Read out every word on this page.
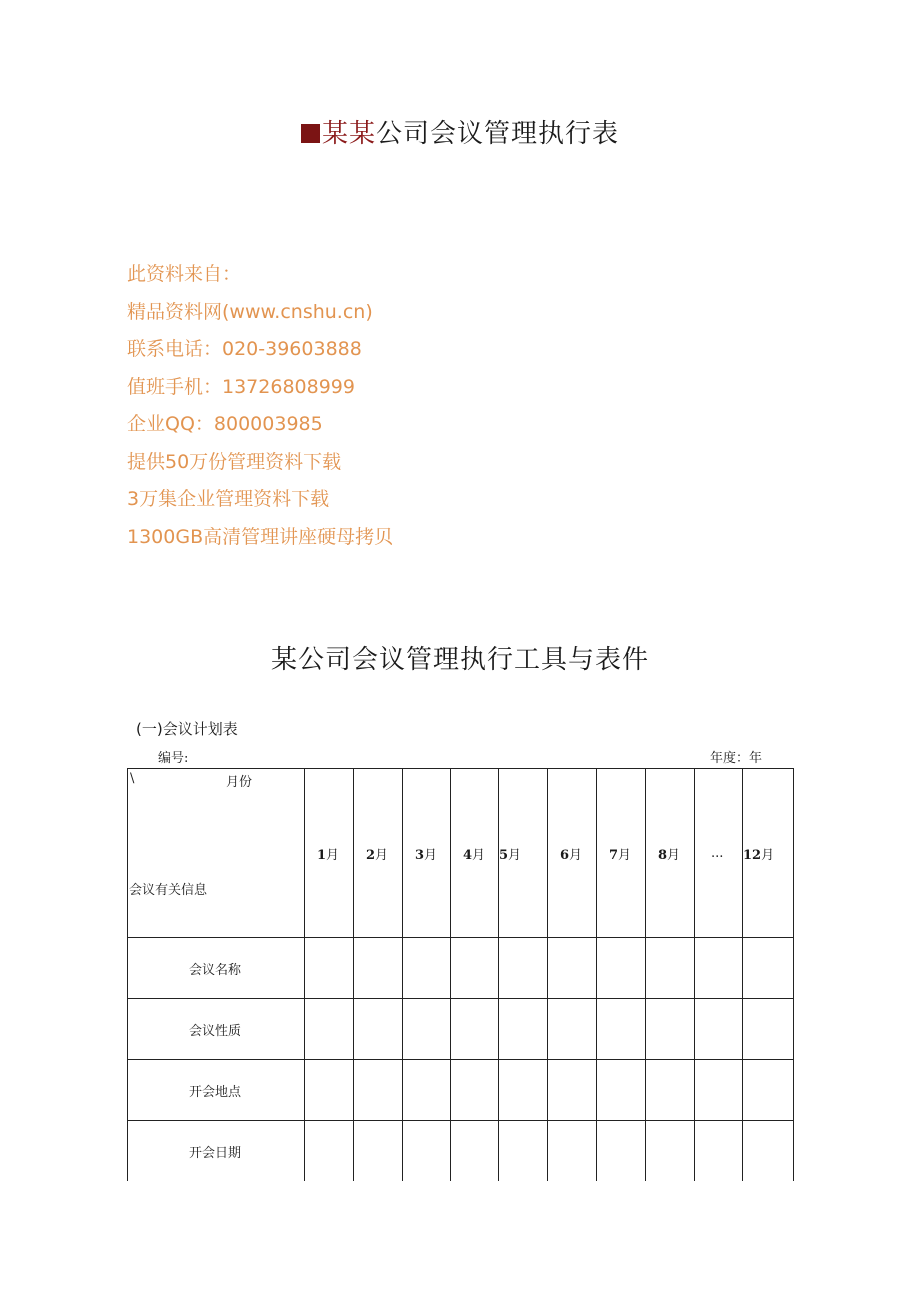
某某公司会议管理执行表
此资料来自：
精品资料网(www.cnshu.cn)
联系电话：020-39603888
值班手机：13726808999
企业QQ：800003985
提供50万份管理资料下载
3万集企业管理资料下载
1300GB高清管理讲座硬母拷贝
某公司会议管理执行工具与表件
(一)会议计划表
编号:	年度：年
\ 月份
会议有关信息	1月	2月	3月	4月	5月	6月	7月	8月	...	12月
会议名称										
会议性质										
开会地点										
开会日期										
